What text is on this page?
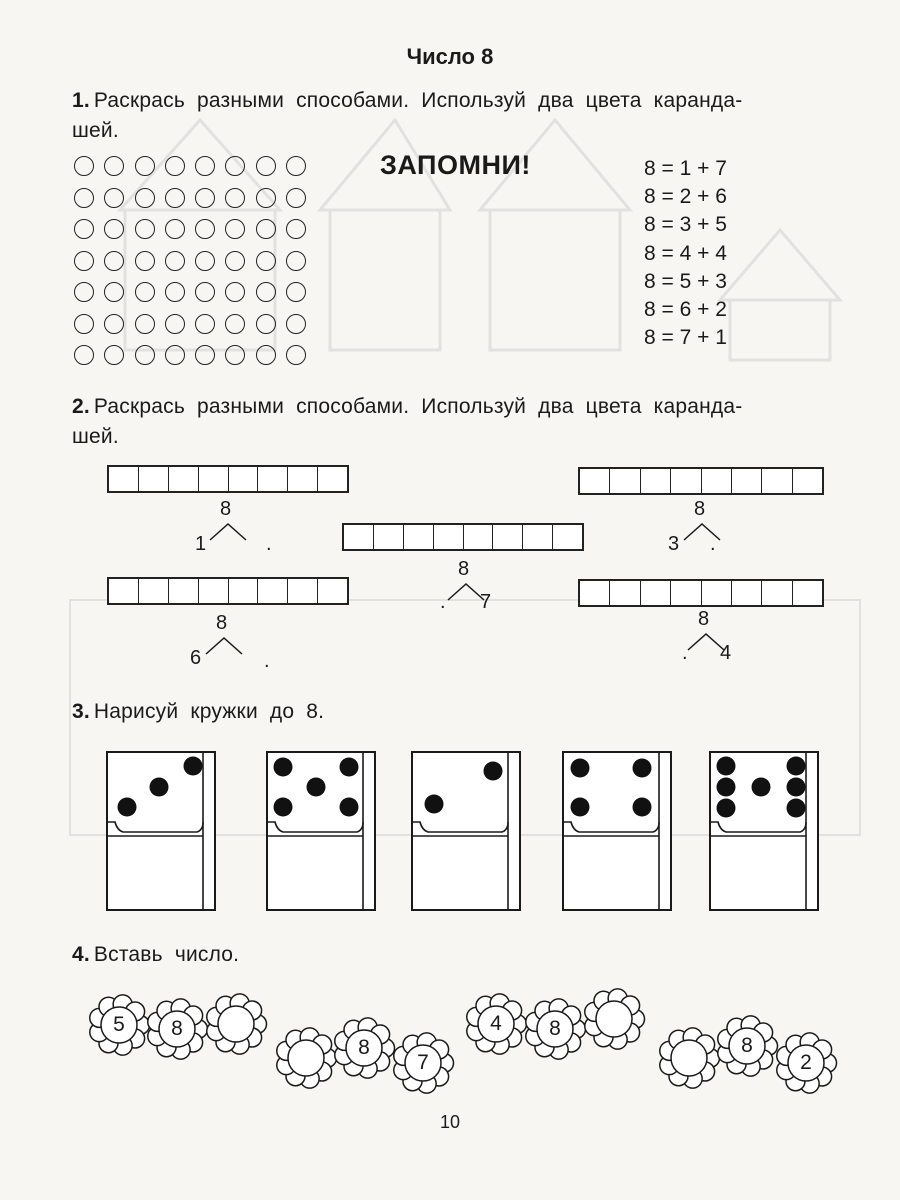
Число 8
1. Раскрась разными способами. Используй два цвета каранда-
шей.
ЗАПОМНИ!	8 = 1 + 7
8 = 2 + 6
8 = 3 + 5
8 = 4 + 4
8 = 5 + 3
8 = 6 + 2
8 = 7 + 1
2. Раскрась разными способами. Используй два цвета каранда-
шей.
8
1	.
8
3 .
8
. 7
8
6	.
8
. 4
3. Нарисуй кружки до 8.
4. Вставь число.
5	8
8
7
4	8
8
2
10
